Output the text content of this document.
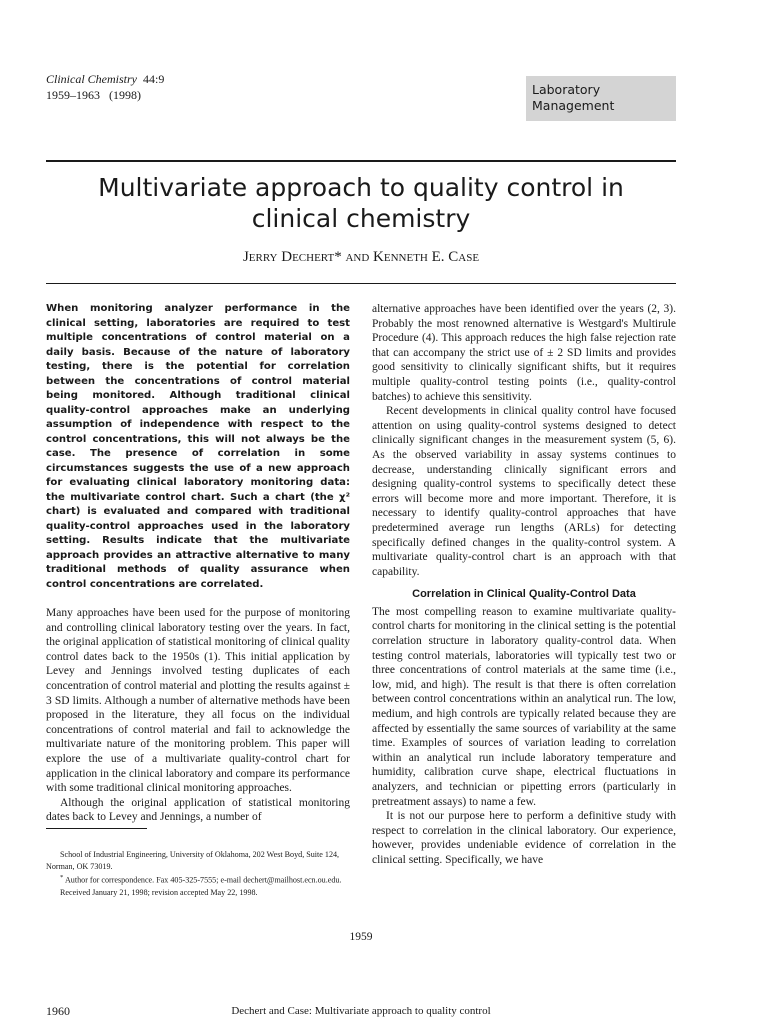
Clinical Chemistry 44:9
1959–1963   (1998)	Laboratory
Management
Multivariate approach to quality control in
clinical chemistry
Jerry Dechert* and Kenneth E. Case

When monitoring analyzer performance in the clinical setting, laboratories are required to test multiple concentrations of control material on a daily basis. Because of the nature of laboratory testing, there is the potential for correlation between the concentrations of control material being monitored. Although traditional clinical quality-control approaches make an underlying assumption of independence with respect to the control concentrations, this will not always be the case. The presence of correlation in some circumstances suggests the use of a new approach for evaluating clinical laboratory monitoring data: the multivariate control chart. Such a chart (the χ² chart) is evaluated and compared with traditional quality-control approaches used in the laboratory setting. Results indicate that the multivariate approach provides an attractive alternative to many traditional methods of quality assurance when control concentrations are correlated.

Many approaches have been used for the purpose of monitoring and controlling clinical laboratory testing over the years. In fact, the original application of statistical monitoring of clinical quality control dates back to the 1950s (1). This initial application by Levey and Jennings involved testing duplicates of each concentration of control material and plotting the results against ± 3 SD limits. Although a number of alternative methods have been proposed in the literature, they all focus on the individual concentrations of control material and fail to acknowledge the multivariate nature of the monitoring problem. This paper will explore the use of a multivariate quality-control chart for application in the clinical laboratory and compare its performance with some traditional clinical monitoring approaches.

Although the original application of statistical monitoring dates back to Levey and Jennings, a number of

School of Industrial Engineering, University of Oklahoma, 202 West Boyd, Suite 124, Norman, OK 73019.

* Author for correspondence. Fax 405-325-7555; e-mail dechert@mailhost.ecn.ou.edu.

Received January 21, 1998; revision accepted May 22, 1998.

alternative approaches have been identified over the years (2, 3). Probably the most renowned alternative is Westgard's Multirule Procedure (4). This approach reduces the high false rejection rate that can accompany the strict use of ± 2 SD limits and provides good sensitivity to clinically significant shifts, but it requires multiple quality-control testing points (i.e., quality-control batches) to achieve this sensitivity.

Recent developments in clinical quality control have focused attention on using quality-control systems designed to detect clinically significant changes in the measurement system (5, 6). As the observed variability in assay systems continues to decrease, understanding clinically significant errors and designing quality-control systems to specifically detect these errors will become more and more important. Therefore, it is necessary to identify quality-control approaches that have predetermined average run lengths (ARLs) for detecting specifically defined changes in the quality-control system. A multivariate quality-control chart is an approach with that capability.

Correlation in Clinical Quality-Control Data

The most compelling reason to examine multivariate quality-control charts for monitoring in the clinical setting is the potential correlation structure in laboratory quality-control data. When testing control materials, laboratories will typically test two or three concentrations of control materials at the same time (i.e., low, mid, and high). The result is that there is often correlation between control concentrations within an analytical run. The low, medium, and high controls are typically related because they are affected by essentially the same sources of variability at the same time. Examples of sources of variation leading to correlation within an analytical run include laboratory temperature and humidity, calibration curve shape, electrical fluctuations in analyzers, and technician or pipetting errors (particularly in pretreatment assays) to name a few.

It is not our purpose here to perform a definitive study with respect to correlation in the clinical laboratory. Our experience, however, provides undeniable evidence of correlation in the clinical setting. Specifically, we have

1959
1960	Dechert and Case: Multivariate approach to quality control
